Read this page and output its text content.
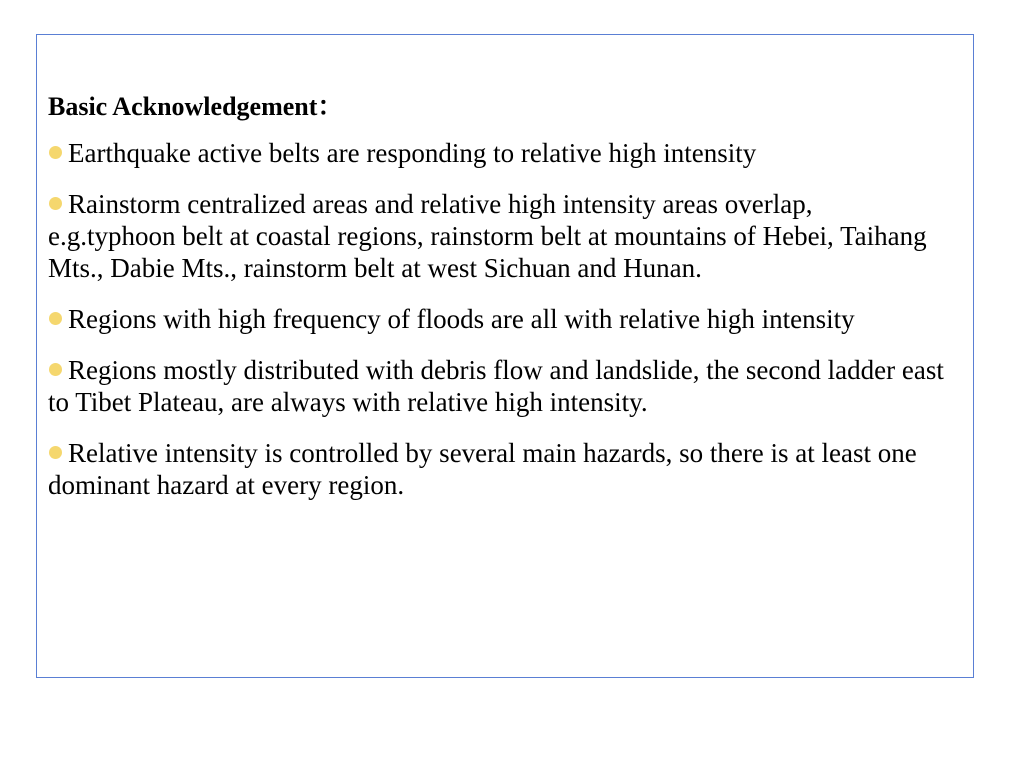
Basic Acknowledgement：
Earthquake active belts are responding to relative high intensity
Rainstorm centralized areas and relative high intensity areas overlap, e.g.typhoon belt at coastal regions, rainstorm belt at mountains of Hebei, Taihang Mts., Dabie Mts., rainstorm belt at west Sichuan and Hunan.
Regions with high frequency of floods are all with relative high intensity
Regions mostly distributed with debris flow and landslide, the second ladder east to Tibet Plateau, are always with relative high intensity.
Relative intensity is controlled by several main hazards, so there is at least one dominant hazard at every region.
